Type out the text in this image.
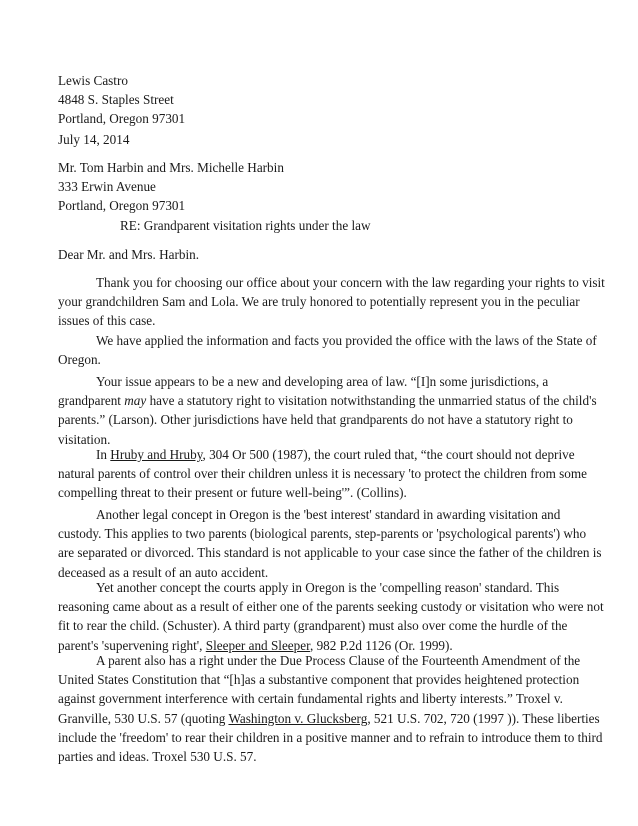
Lewis Castro
4848 S. Staples Street
Portland, Oregon 97301
July 14, 2014
Mr. Tom Harbin and Mrs. Michelle Harbin
333 Erwin Avenue
Portland, Oregon 97301
RE: Grandparent visitation rights under the law
Dear Mr. and Mrs. Harbin.
Thank you for choosing our office about your concern with the law regarding your rights to visit
your grandchildren Sam and Lola. We are truly honored to potentially represent you in the peculiar
issues of this case.
We have applied the information and facts you provided the office with the laws of the State of
Oregon.
Your issue appears to be a new and developing area of law. “[I]n some jurisdictions, a
grandparent may have a statutory right to visitation notwithstanding the unmarried status of the child's
parents.” (Larson). Other jurisdictions have held that grandparents do not have a statutory right to
visitation.
In Hruby and Hruby, 304 Or 500 (1987), the court ruled that, “the court should not deprive
natural parents of control over their children unless it is necessary 'to protect the children from some
compelling threat to their present or future well-being'”. (Collins).
Another legal concept in Oregon is the 'best interest' standard in awarding visitation and
custody. This applies to two parents (biological parents, step-parents or 'psychological parents') who
are separated or divorced. This standard is not applicable to your case since the father of the children is
deceased as a result of an auto accident.
Yet another concept the courts apply in Oregon is the 'compelling reason' standard. This
reasoning came about as a result of either one of the parents seeking custody or visitation who were not
fit to rear the child. (Schuster). A third party (grandparent) must also over come the hurdle of the
parent's 'supervening right', Sleeper and Sleeper, 982 P.2d 1126 (Or. 1999).
A parent also has a right under the Due Process Clause of the Fourteenth Amendment of the
United States Constitution that “[h]as a substantive component that provides heightened protection
against government interference with certain fundamental rights and liberty interests.” Troxel v.
Granville, 530 U.S. 57 (quoting Washington v. Glucksberg, 521 U.S. 702, 720 (1997 )). These liberties
include the 'freedom' to rear their children in a positive manner and to refrain to introduce them to third
parties and ideas. Troxel 530 U.S. 57.
